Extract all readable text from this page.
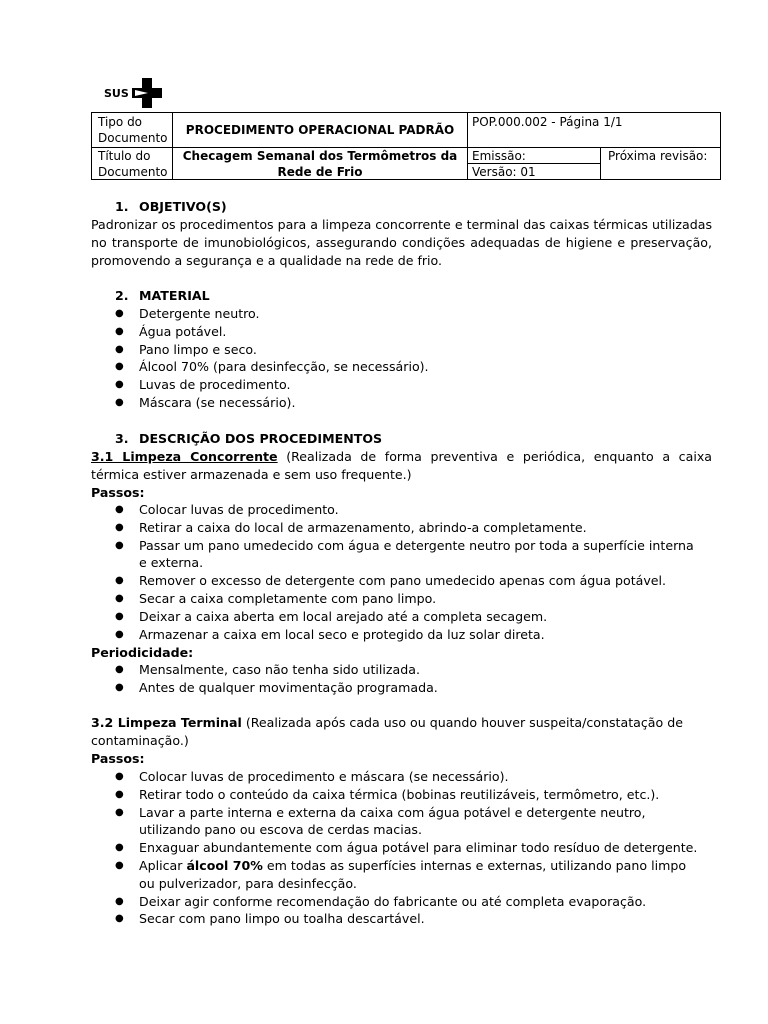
SUS
Tipo do Documento
PROCEDIMENTO OPERACIONAL PADRÃO
POP.000.002 - Página 1/1
Título do Documento
Checagem Semanal dos Termômetros da Rede de Frio
Emissão:
Versão: 01
Próxima revisão:
1. OBJETIVO(S)
Padronizar os procedimentos para a limpeza concorrente e terminal das caixas térmicas utilizadas no transporte de imunobiológicos, assegurando condições adequadas de higiene e preservação, promovendo a segurança e a qualidade na rede de frio.
2. MATERIAL
● Detergente neutro.
● Água potável.
● Pano limpo e seco.
● Álcool 70% (para desinfecção, se necessário).
● Luvas de procedimento.
● Máscara (se necessário).
3. DESCRIÇÃO DOS PROCEDIMENTOS
3.1 Limpeza Concorrente (Realizada de forma preventiva e periódica, enquanto a caixa térmica estiver armazenada e sem uso frequente.)
Passos:
● Colocar luvas de procedimento.
● Retirar a caixa do local de armazenamento, abrindo-a completamente.
● Passar um pano umedecido com água e detergente neutro por toda a superfície interna e externa.
● Remover o excesso de detergente com pano umedecido apenas com água potável.
● Secar a caixa completamente com pano limpo.
● Deixar a caixa aberta em local arejado até a completa secagem.
● Armazenar a caixa em local seco e protegido da luz solar direta.
Periodicidade:
● Mensalmente, caso não tenha sido utilizada.
● Antes de qualquer movimentação programada.
3.2 Limpeza Terminal (Realizada após cada uso ou quando houver suspeita/constatação de contaminação.)
Passos:
● Colocar luvas de procedimento e máscara (se necessário).
● Retirar todo o conteúdo da caixa térmica (bobinas reutilizáveis, termômetro, etc.).
● Lavar a parte interna e externa da caixa com água potável e detergente neutro, utilizando pano ou escova de cerdas macias.
● Enxaguar abundantemente com água potável para eliminar todo resíduo de detergente.
● Aplicar álcool 70% em todas as superfícies internas e externas, utilizando pano limpo ou pulverizador, para desinfecção.
● Deixar agir conforme recomendação do fabricante ou até completa evaporação.
● Secar com pano limpo ou toalha descartável.
